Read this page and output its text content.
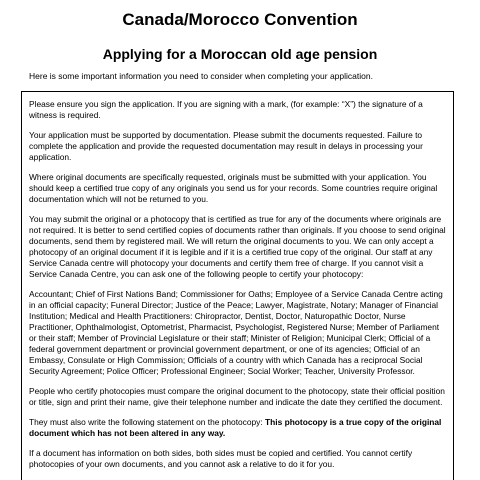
Canada/Morocco Convention
Applying for a Moroccan old age pension

Here is some important information you need to consider when completing your application.

Please ensure you sign the application. If you are signing with a mark, (for example: “X”) the signature of a witness is required.

Your application must be supported by documentation. Please submit the documents requested. Failure to complete the application and provide the requested documentation may result in delays in processing your application.

Where original documents are specifically requested, originals must be submitted with your application. You should keep a certified true copy of any originals you send us for your records. Some countries require original documentation which will not be returned to you.

You may submit the original or a photocopy that is certified as true for any of the documents where originals are not required. It is better to send certified copies of documents rather than originals. If you choose to send original documents, send them by registered mail. We will return the original documents to you. We can only accept a photocopy of an original document if it is legible and if it is a certified true copy of the original. Our staff at any Service Canada centre will photocopy your documents and certify them free of charge. If you cannot visit a Service Canada Centre, you can ask one of the following people to certify your photocopy:

Accountant; Chief of First Nations Band; Commissioner for Oaths; Employee of a Service Canada Centre acting in an official capacity; Funeral Director; Justice of the Peace; Lawyer, Magistrate, Notary; Manager of Financial Institution; Medical and Health Practitioners: Chiropractor, Dentist, Doctor, Naturopathic Doctor, Nurse Practitioner, Ophthalmologist, Optometrist, Pharmacist, Psychologist, Registered Nurse; Member of Parliament or their staff; Member of Provincial Legislature or their staff; Minister of Religion; Municipal Clerk; Official of a federal government department or provincial government department, or one of its agencies; Official of an Embassy, Consulate or High Commission; Officials of a country with which Canada has a reciprocal Social Security Agreement; Police Officer; Professional Engineer; Social Worker; Teacher, University Professor.

People who certify photocopies must compare the original document to the photocopy, state their official position or title, sign and print their name, give their telephone number and indicate the date they certified the document.

They must also write the following statement on the photocopy: This photocopy is a true copy of the original document which has not been altered in any way.

If a document has information on both sides, both sides must be copied and certified. You cannot certify photocopies of your own documents, and you cannot ask a relative to do it for you.
